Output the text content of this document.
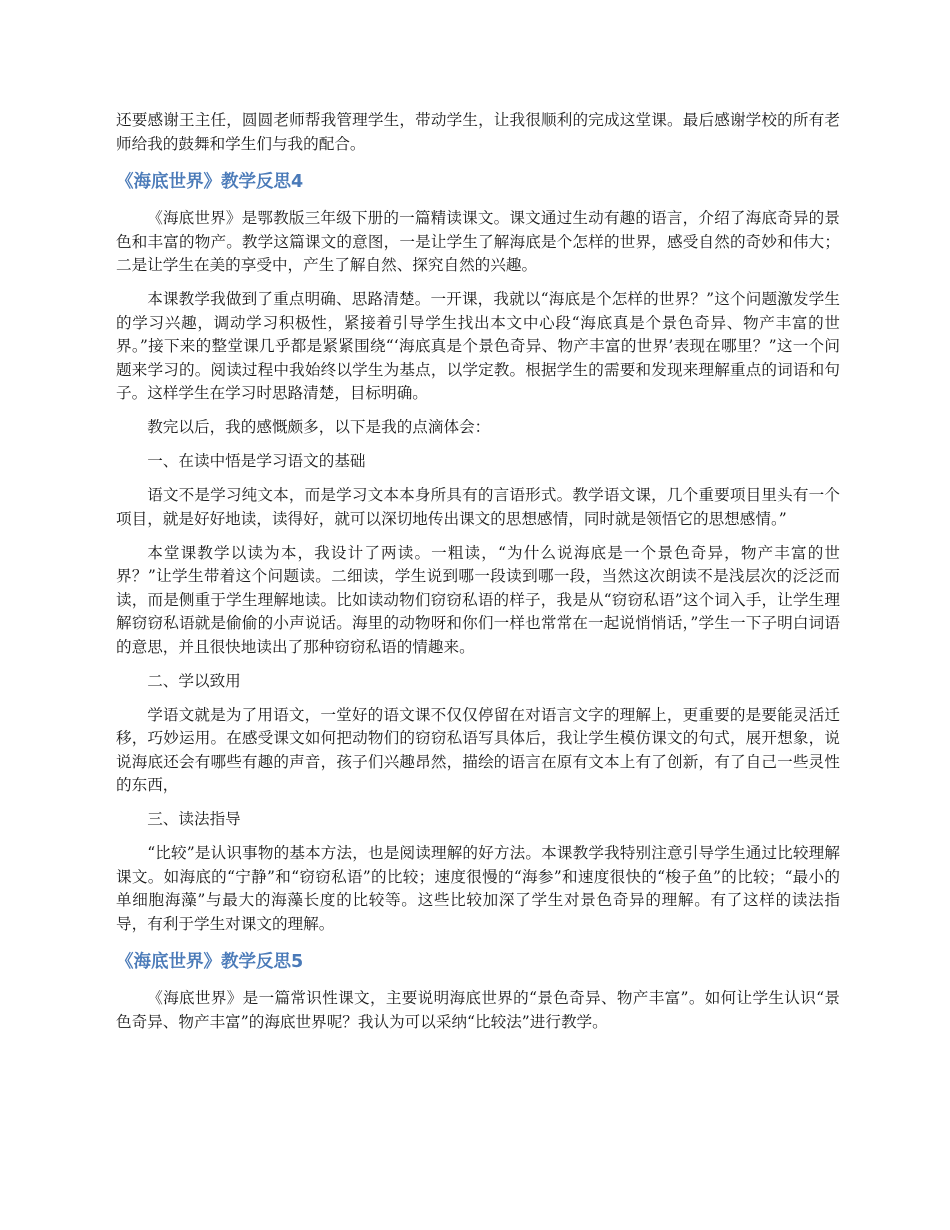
还要感谢王主任，圆圆老师帮我管理学生，带动学生，让我很顺利的完成这堂课。最后感谢学校的所有老师给我的鼓舞和学生们与我的配合。

《海底世界》教学反思4

《海底世界》是鄂教版三年级下册的一篇精读课文。课文通过生动有趣的语言，介绍了海底奇异的景色和丰富的物产。教学这篇课文的意图，一是让学生了解海底是个怎样的世界，感受自然的奇妙和伟大；二是让学生在美的享受中，产生了解自然、探究自然的兴趣。

本课教学我做到了重点明确、思路清楚。一开课，我就以“海底是个怎样的世界？”这个问题激发学生的学习兴趣，调动学习积极性，紧接着引导学生找出本文中心段“海底真是个景色奇异、物产丰富的世界。”接下来的整堂课几乎都是紧紧围绕“‘海底真是个景色奇异、物产丰富的世界’表现在哪里？”这一个问题来学习的。阅读过程中我始终以学生为基点，以学定教。根据学生的需要和发现来理解重点的词语和句子。这样学生在学习时思路清楚，目标明确。

教完以后，我的感慨颇多，以下是我的点滴体会：

一、在读中悟是学习语文的基础

语文不是学习纯文本，而是学习文本本身所具有的言语形式。教学语文课，几个重要项目里头有一个项目，就是好好地读，读得好，就可以深切地传出课文的思想感情，同时就是领悟它的思想感情。”

本堂课教学以读为本，我设计了两读。一粗读，“为什么说海底是一个景色奇异，物产丰富的世界？”让学生带着这个问题读。二细读，学生说到哪一段读到哪一段，当然这次朗读不是浅层次的泛泛而读，而是侧重于学生理解地读。比如读动物们窃窃私语的样子，我是从“窃窃私语”这个词入手，让学生理解窃窃私语就是偷偷的小声说话。海里的动物呀和你们一样也常常在一起说悄悄话，”学生一下子明白词语的意思，并且很快地读出了那种窃窃私语的情趣来。

二、学以致用

学语文就是为了用语文，一堂好的语文课不仅仅停留在对语言文字的理解上，更重要的是要能灵活迁移，巧妙运用。在感受课文如何把动物们的窃窃私语写具体后，我让学生模仿课文的句式，展开想象，说说海底还会有哪些有趣的声音，孩子们兴趣昂然，描绘的语言在原有文本上有了创新，有了自己一些灵性的东西，

三、读法指导

“比较”是认识事物的基本方法，也是阅读理解的好方法。本课教学我特别注意引导学生通过比较理解课文。如海底的“宁静”和“窃窃私语”的比较；速度很慢的“海参”和速度很快的“梭子鱼”的比较；“最小的单细胞海藻”与最大的海藻长度的比较等。这些比较加深了学生对景色奇异的理解。有了这样的读法指导，有利于学生对课文的理解。

《海底世界》教学反思5

《海底世界》是一篇常识性课文，主要说明海底世界的“景色奇异、物产丰富”。如何让学生认识“景色奇异、物产丰富”的海底世界呢？我认为可以采纳“比较法”进行教学。
